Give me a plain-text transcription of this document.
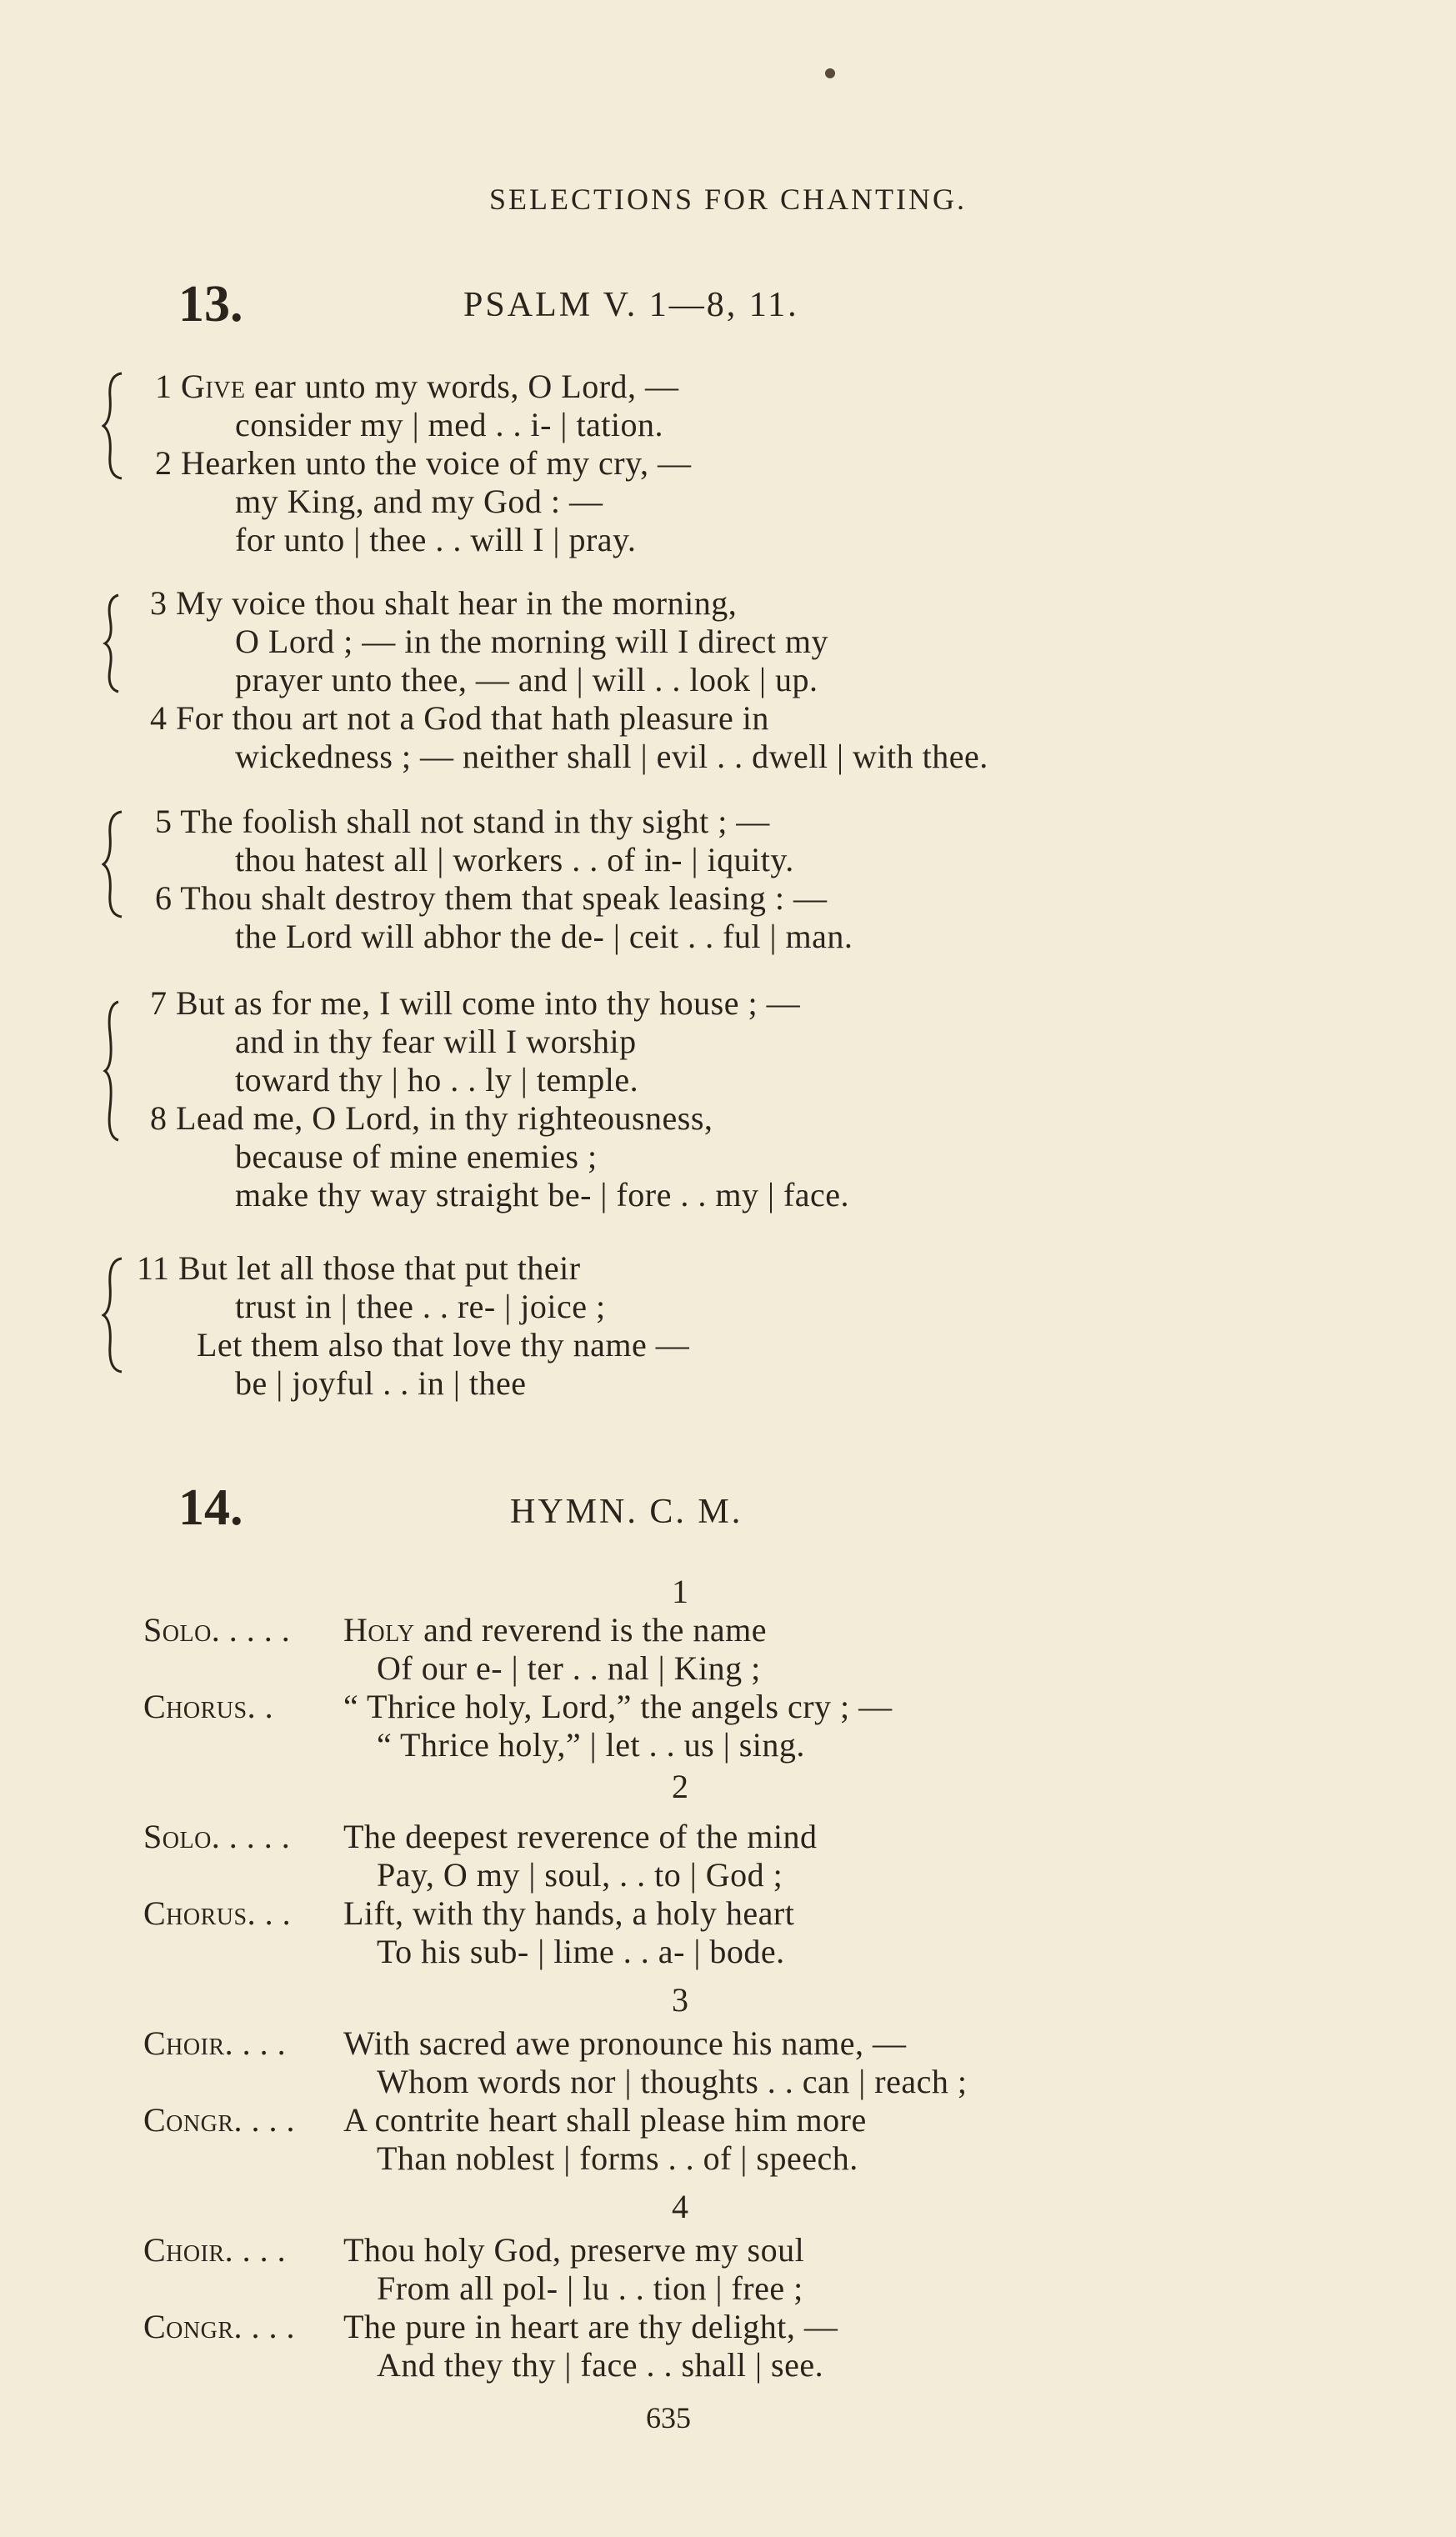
SELECTIONS FOR CHANTING.
13.	PSALM V. 1—8, 11.
1 Give ear unto my words, O Lord, —
consider my | med . . i- | tation.
2 Hearken unto the voice of my cry, —
my King, and my God : —
for unto | thee . . will I | pray.
3 My voice thou shalt hear in the morning,
O Lord ; — in the morning will I direct my
prayer unto thee, — and | will . . look | up.
4 For thou art not a God that hath pleasure in
wickedness ; — neither shall | evil . . dwell | with thee.
5 The foolish shall not stand in thy sight ; —
thou hatest all | workers . . of in- | iquity.
6 Thou shalt destroy them that speak leasing : —
the Lord will abhor the de- | ceit . . ful | man.
7 But as for me, I will come into thy house ; —
and in thy fear will I worship
toward thy | ho . . ly | temple.
8 Lead me, O Lord, in thy righteousness,
because of mine enemies ;
make thy way straight be- | fore . . my | face.
11 But let all those that put their
trust in | thee . . re- | joice ;
Let them also that love thy name —
be | joyful . . in | thee
14.	HYMN. C. M.
1
Solo. . . . . Holy and reverend is the name
Of our e- | ter . . nal | King ;
Chorus. . “ Thrice holy, Lord,” the angels cry ; —
“ Thrice holy,” | let . . us | sing.
2
Solo. . . . . The deepest reverence of the mind
Pay, O my | soul, . . to | God ;
Chorus. . . Lift, with thy hands, a holy heart
To his sub- | lime . . a- | bode.
3
Choir. . . . With sacred awe pronounce his name, —
Whom words nor | thoughts . . can | reach ;
Congr. . . . A contrite heart shall please him more
Than noblest | forms . . of | speech.
4
Choir. . . . Thou holy God, preserve my soul
From all pol- | lu . . tion | free ;
Congr. . . . The pure in heart are thy delight, —
And they thy | face . . shall | see.
635
